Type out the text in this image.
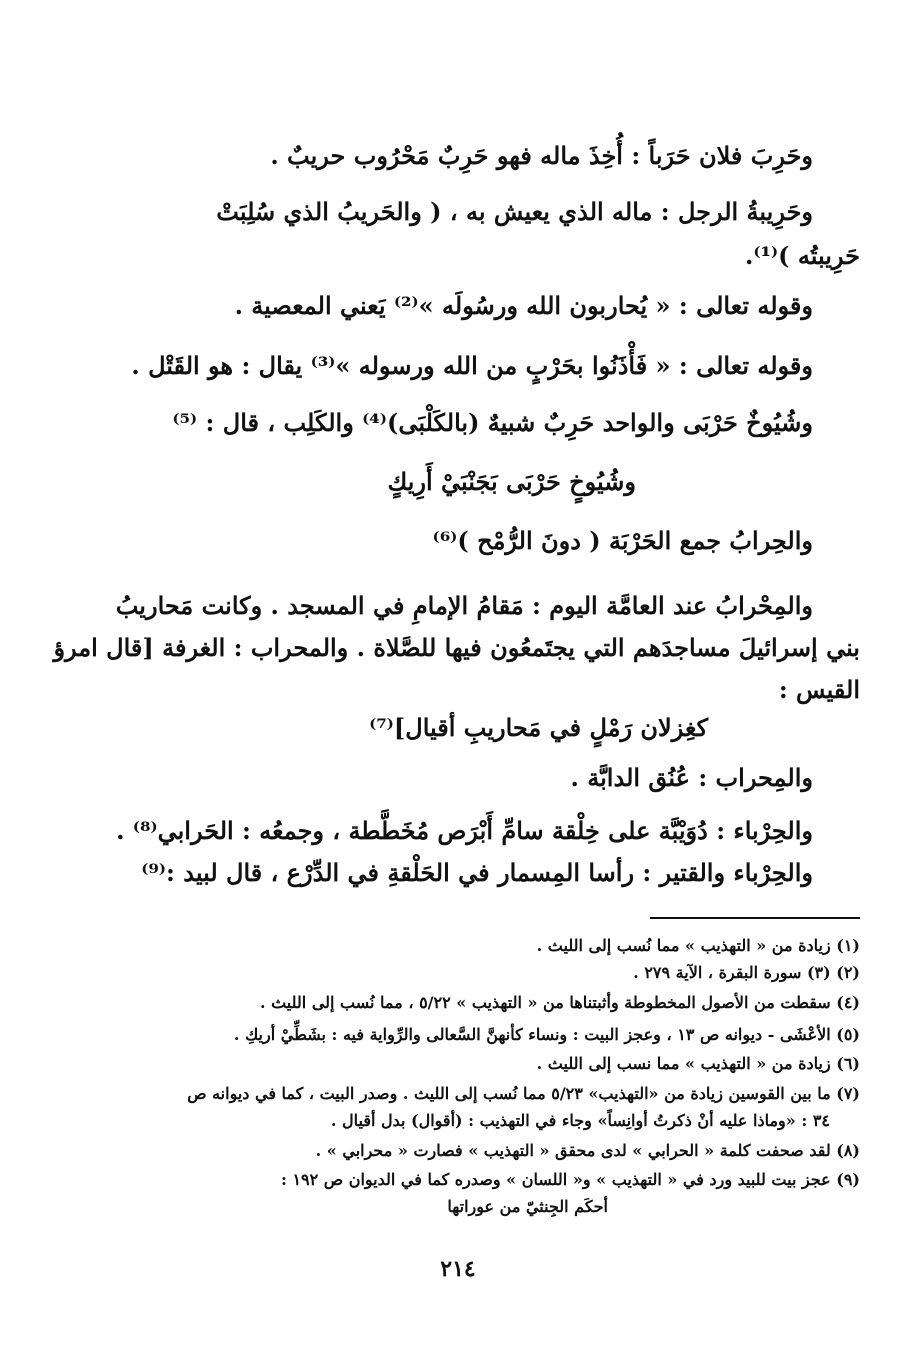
وحَرِبَ فلان حَرَباً : أُخِذَ ماله فهو حَرِبٌ مَحْرُوب حريبٌ .
وحَرِيبةُ الرجل : ماله الذي يعيش به ، ( والحَريبُ الذي سُلِبَتْ
حَرِيبتُه )⁽¹⁾.
وقوله تعالى : « يُحاربون الله ورسُولَه »⁽²⁾ يَعني المعصية .
وقوله تعالى : « فَأْذَنُوا بحَرْبٍ من الله ورسوله »⁽³⁾ يقال : هو القَتْل .
وشُيُوخٌ حَرْبَى والواحد حَرِبٌ شبيهٌ (بالكَلْبَى)⁽⁴⁾ والكَلِب ، قال : ⁽⁵⁾
وشُيُوخٍ حَرْبَى بَجَنْبَيْ أَرِيكٍ
والحِرابُ جمع الحَرْبَة ( دونَ الرُّمْح )⁽⁶⁾
والمِحْرابُ عند العامَّة اليوم : مَقامُ الإمامِ في المسجد . وكانت مَحاريبُ
بني إسرائيلَ مساجدَهم التي يجتَمعُون فيها للصَّلاة . والمحراب : الغرفة [قال امرؤ
القيس :
كغِزلان رَمْلٍ في مَحاريبِ أقيال]⁽⁷⁾
والمِحراب : عُنُق الدابَّة .
والحِرْباء : دُوَيْبَّة على خِلْقة سامِّ أَبْرَص مُخَطَّطة ، وجمعُه : الحَرابي⁽⁸⁾ .
والحِرْباء والقتير : رأسا المِسمار في الحَلْقةِ في الدِّرْع ، قال لبيد :⁽⁹⁾
(١) زيادة من « التهذيب » مما نُسب إلى الليث .
(٢) (٣) سورة البقرة ، الآية ٢٧٩ .
(٤) سقطت من الأصول المخطوطة وأثبتناها من « التهذيب » ٥/٢٢ ، مما نُسب إلى الليث .
(٥) الأعْشَى - ديوانه ص ١٣ ، وعجز البيت : ونساء كأنهنَّ السَّعالى والرِّواية فيه : بشَطِّيْ أريكِ .
(٦) زيادة من « التهذيب » مما نسب إلى الليث .
(٧) ما بين القوسين زيادة من «التهذيب» ٥/٢٣ مما نُسب إلى الليث . وصدر البيت ، كما في ديوانه ص
٣٤ : «وماذا عليه أنْ ذكرتُ أوانِساً» وجاء في التهذيب : (أقوال) بدل أقيال .
(٨) لقد صحفت كلمة « الحرابي » لدى محقق « التهذيب » فصارت « محرابي » .
(٩) عجز بيت للبيد ورد في « التهذيب » و« اللسان » وصدره كما في الديوان ص ١٩٢ :
أحكَم الجِنثيّ من عوراتها
٢١٤
